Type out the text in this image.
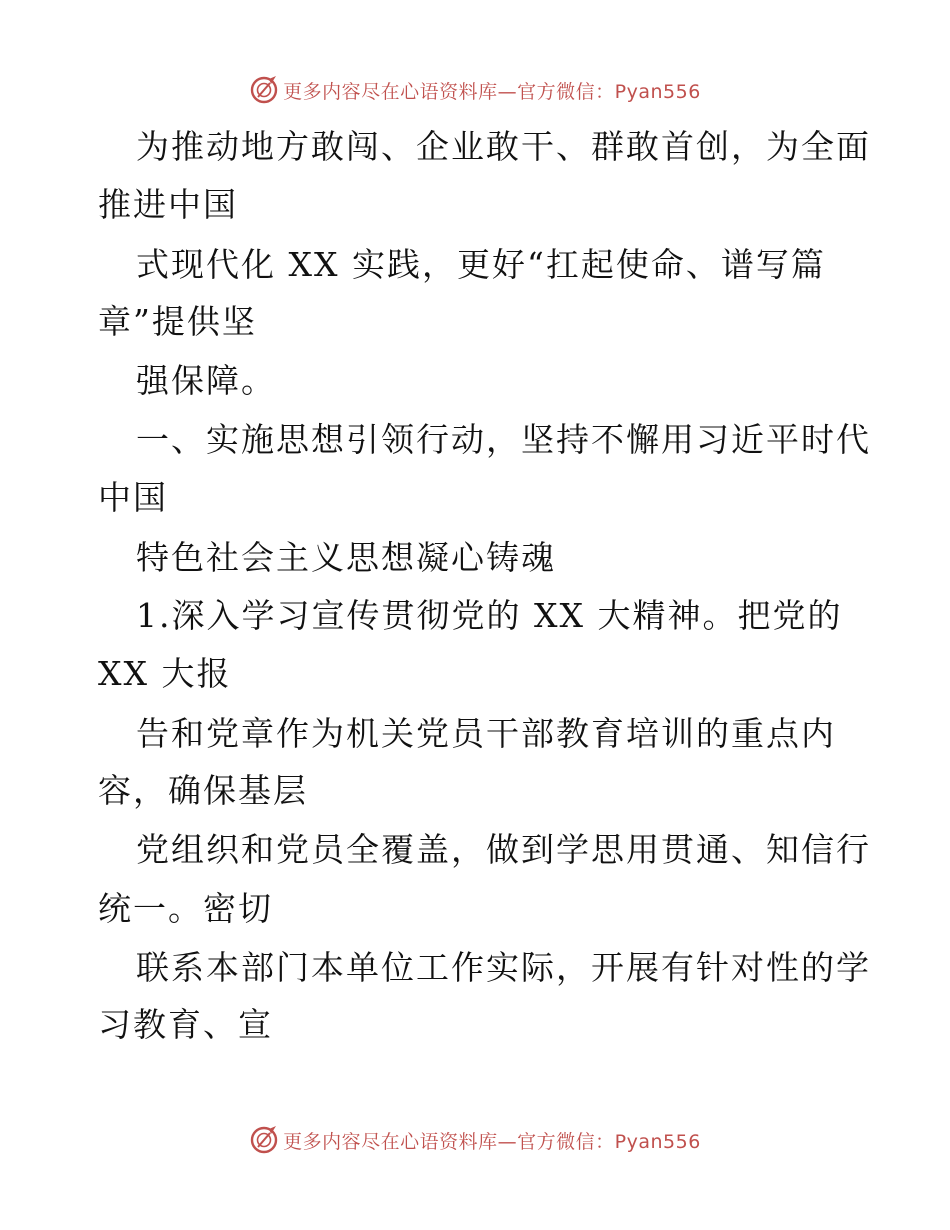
更多内容尽在心语资料库—官方微信：Pyan556
为推动地方敢闯、企业敢干、群敢首创，为全面
推进中国
式现代化 XX 实践，更好“扛起使命、谱写篇
章”提供坚
强保障。
一、实施思想引领行动，坚持不懈用习近平时代
中国
特色社会主义思想凝心铸魂
1.深入学习宣传贯彻党的 XX 大精神。把党的
XX 大报
告和党章作为机关党员干部教育培训的重点内
容，确保基层
党组织和党员全覆盖，做到学思用贯通、知信行
统一。密切
联系本部门本单位工作实际，开展有针对性的学
习教育、宣
更多内容尽在心语资料库—官方微信：Pyan556
